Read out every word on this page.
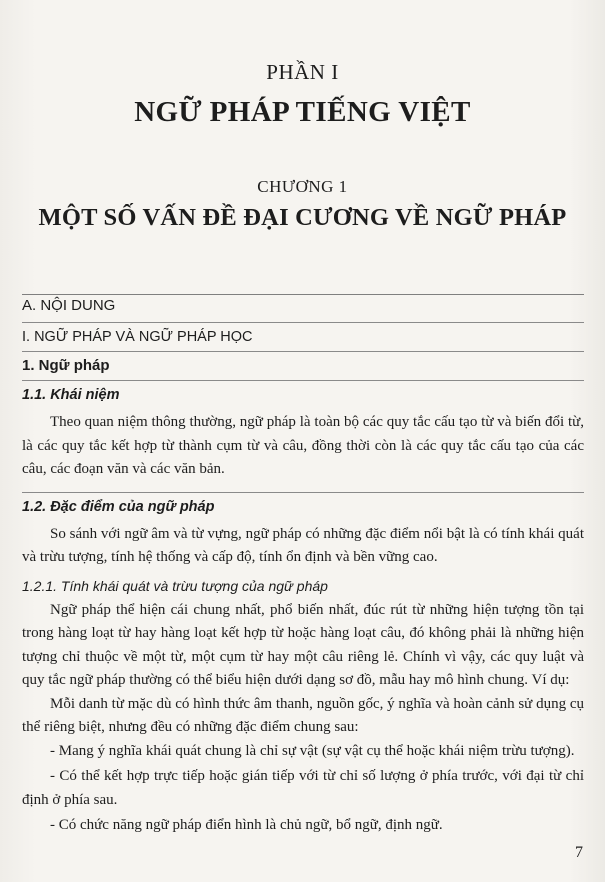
PHẦN I
NGỮ PHÁP TIẾNG VIỆT
CHƯƠNG 1
MỘT SỐ VẤN ĐỀ ĐẠI CƯƠNG VỀ NGỮ PHÁP
A. NỘI DUNG
I. NGỮ PHÁP VÀ NGỮ PHÁP HỌC
1. Ngữ pháp
1.1. Khái niệm

Theo quan niệm thông thường, ngữ pháp là toàn bộ các quy tắc cấu tạo từ và biến đổi từ, là các quy tắc kết hợp từ thành cụm từ và câu, đồng thời còn là các quy tắc cấu tạo của các câu, các đoạn văn và các văn bản.

1.2. Đặc điểm của ngữ pháp

So sánh với ngữ âm và từ vựng, ngữ pháp có những đặc điểm nổi bật là có tính khái quát và trừu tượng, tính hệ thống và cấp độ, tính ổn định và bền vững cao.

1.2.1. Tính khái quát và trừu tượng của ngữ pháp

Ngữ pháp thể hiện cái chung nhất, phổ biến nhất, đúc rút từ những hiện tượng tồn tại trong hàng loạt từ hay hàng loạt kết hợp từ hoặc hàng loạt câu, đó không phải là những hiện tượng chỉ thuộc về một từ, một cụm từ hay một câu riêng lẻ. Chính vì vậy, các quy luật và quy tắc ngữ pháp thường có thể biểu hiện dưới dạng sơ đồ, mẫu hay mô hình chung. Ví dụ:

Mỗi danh từ mặc dù có hình thức âm thanh, nguồn gốc, ý nghĩa và hoàn cảnh sử dụng cụ thể riêng biệt, nhưng đều có những đặc điểm chung sau:

- Mang ý nghĩa khái quát chung là chỉ sự vật (sự vật cụ thể hoặc khái niệm trừu tượng).

- Có thể kết hợp trực tiếp hoặc gián tiếp với từ chỉ số lượng ở phía trước, với đại từ chỉ định ở phía sau.

- Có chức năng ngữ pháp điển hình là chủ ngữ, bổ ngữ, định ngữ.

7
